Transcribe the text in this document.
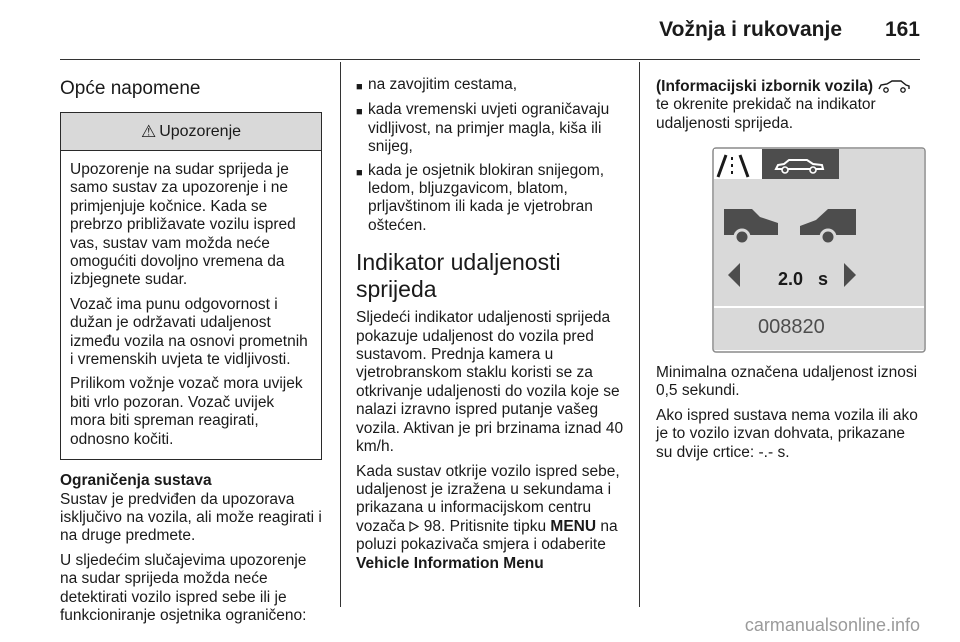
Vožnja i rukovanje 161
Opće napomene
⚠ Upozorenje

Upozorenje na sudar sprijeda je samo sustav za upozorenje i ne primjenjuje kočnice. Kada se prebrzo približavate vozilu ispred vas, sustav vam možda neće omogućiti dovoljno vremena da izbjegnete sudar.

Vozač ima punu odgovornost i dužan je održavati udaljenost između vozila na osnovi prometnih i vremenskih uvjeta te vidljivosti.

Prilikom vožnje vozač mora uvijek biti vrlo pozoran. Vozač uvijek mora biti spreman reagirati, odnosno kočiti.

Ograničenja sustava

Sustav je predviđen da upozorava isključivo na vozila, ali može reagirati i na druge predmete.

U sljedećim slučajevima upozorenje na sudar sprijeda možda neće detektirati vozilo ispred sebe ili je funkcioniranje osjetnika ograničeno:

■ na zavojitim cestama,
■ kada vremenski uvjeti ograničavaju vidljivost, na primjer magla, kiša ili snijeg,
■ kada je osjetnik blokiran snijegom, ledom, bljuzgavicom, blatom, prljavštinom ili kada je vjetrobran oštećen.
Indikator udaljenosti sprijeda

Sljedeći indikator udaljenosti sprijeda pokazuje udaljenost do vozila pred sustavom. Prednja kamera u vjetrobranskom staklu koristi se za otkrivanje udaljenosti do vozila koje se nalazi izravno ispred putanje vašeg vozila. Aktivan je pri brzinama iznad 40 km/h.

Kada sustav otkrije vozilo ispred sebe, udaljenost je izražena u sekundama i prikazana u informacijskom centru vozača  98. Pritisnite tipku MENU na poluzi pokazivača smjera i odaberite
Vehicle Information Menu

(Informacijski izbornik vozila)  te okrenite prekidač na indikator udaljenosti sprijeda.

2.0 s
008820

Minimalna označena udaljenost iznosi 0,5 sekundi.

Ako ispred sustava nema vozila ili ako je to vozilo izvan dohvata, prikazane su dvije crtice: -.- s.

carmanualsonline.info
